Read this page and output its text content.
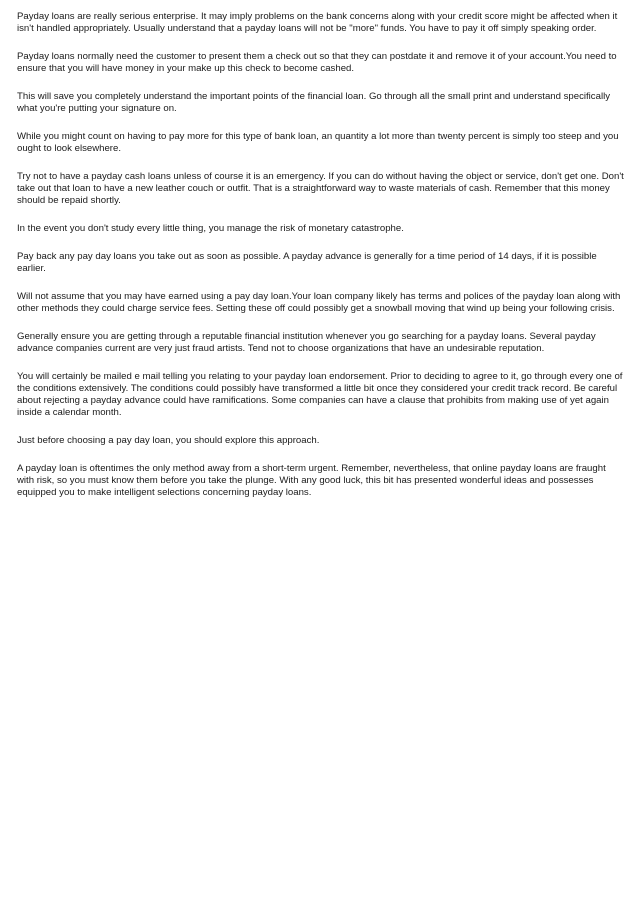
Payday loans are really serious enterprise. It may imply problems on the bank concerns along with your credit score might be affected when it isn't handled appropriately. Usually understand that a payday loans will not be "more" funds. You have to pay it off simply speaking order.

Payday loans normally need the customer to present them a check out so that they can postdate it and remove it of your account.You need to ensure that you will have money in your make up this check to become cashed.

This will save you completely understand the important points of the financial loan. Go through all the small print and understand specifically what you're putting your signature on.

While you might count on having to pay more for this type of bank loan, an quantity a lot more than twenty percent is simply too steep and you ought to look elsewhere.

Try not to have a payday cash loans unless of course it is an emergency. If you can do without having the object or service, don't get one. Don't take out that loan to have a new leather couch or outfit. That is a straightforward way to waste materials of cash. Remember that this money should be repaid shortly.

In the event you don't study every little thing, you manage the risk of monetary catastrophe.

Pay back any pay day loans you take out as soon as possible. A payday advance is generally for a time period of 14 days, if it is possible earlier.

Will not assume that you may have earned using a pay day loan.Your loan company likely has terms and polices of the payday loan along with other methods they could charge service fees. Setting these off could possibly get a snowball moving that wind up being your following crisis.

Generally ensure you are getting through a reputable financial institution whenever you go searching for a payday loans. Several payday advance companies current are very just fraud artists. Tend not to choose organizations that have an undesirable reputation.

You will certainly be mailed e mail telling you relating to your payday loan endorsement. Prior to deciding to agree to it, go through every one of the conditions extensively. The conditions could possibly have transformed a little bit once they considered your credit track record. Be careful about rejecting a payday advance could have ramifications. Some companies can have a clause that prohibits from making use of yet again inside a calendar month.

Just before choosing a pay day loan, you should explore this approach.

A payday loan is oftentimes the only method away from a short-term urgent. Remember, nevertheless, that online payday loans are fraught with risk, so you must know them before you take the plunge. With any good luck, this bit has presented wonderful ideas and possesses equipped you to make intelligent selections concerning payday loans.
